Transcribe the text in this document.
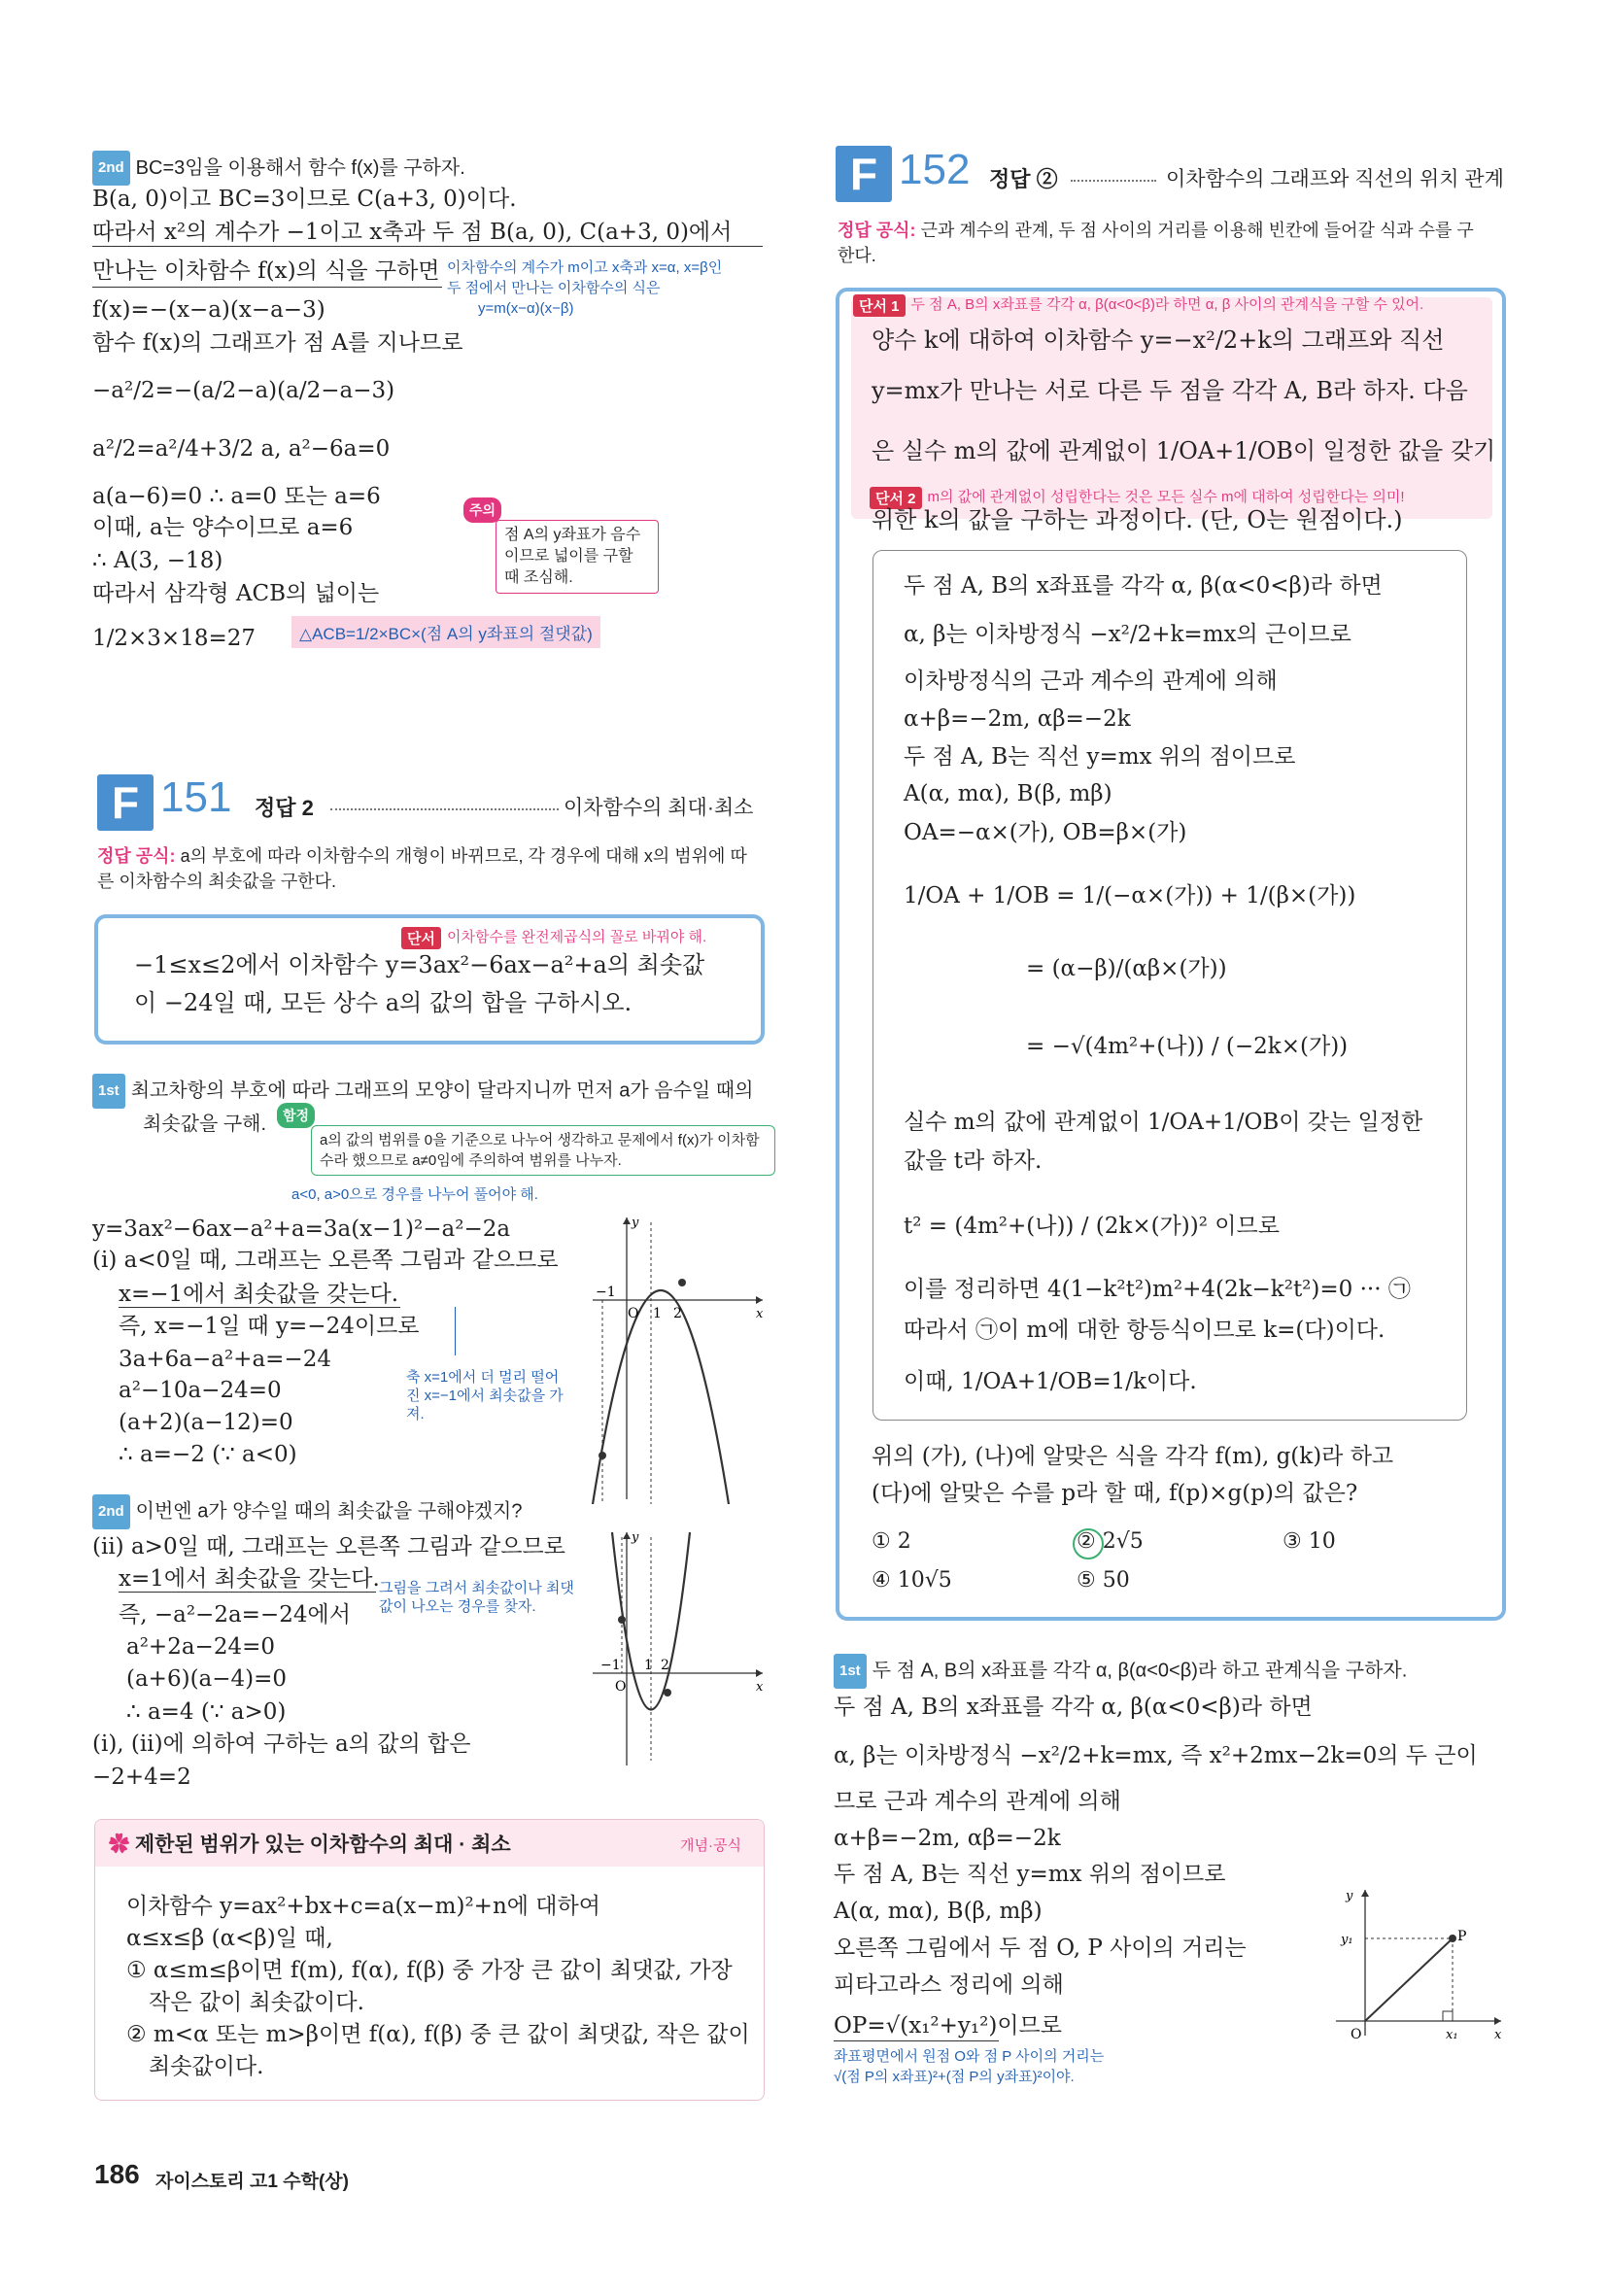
2nd BC=3임을 이용해서 함수 f(x)를 구하자.
B(a, 0)이고 BC=3이므로 C(a+3, 0)이다.
따라서 x²의 계수가 −1이고 x축과 두 점 B(a, 0), C(a+3, 0)에서
만나는 이차함수 f(x)의 식을 구하면 이차함수의 계수가 m이고 x축과 x=α, x=β인
두 점에서 만나는 이차함수의 식은
y=m(x−α)(x−β)
f(x)=−(x−a)(x−a−3)
함수 f(x)의 그래프가 점 A를 지나므로
−a²/2=−(a/2−a)(a/2−a−3)
a²/2=a²/4+3/2 a, a²−6a=0
a(a−6)=0 ∴ a=0 또는 a=6
이때, a는 양수이므로 a=6
∴ A(3, −18)
따라서 삼각형 ACB의 넓이는
1/2×3×18=27	△ACB=1/2×BC×(점 A의 y좌표의 절댓값)
주의
점 A의 y좌표가 음수이므로 넓이를 구할 때 조심해.
F 151 정답 2	이차함수의 최대·최소
정답 공식: a의 부호에 따라 이차함수의 개형이 바뀌므로, 각 경우에 대해 x의 범위에 따른 이차함수의 최솟값을 구한다.
단서 이차함수를 완전제곱식의 꼴로 바꿔야 해.
−1≤x≤2에서 이차함수 y=3ax²−6ax−a²+a의 최솟값
이 −24일 때, 모든 상수 a의 값의 합을 구하시오.
1st 최고차항의 부호에 따라 그래프의 모양이 달라지니까 먼저 a가 음수일 때의
최솟값을 구해.	함정
a의 값의 범위를 0을 기준으로 나누어 생각하고 문제에서 f(x)가 이차함수라 했으므로 a≠0임에 주의하여 범위를 나누자.
a<0, a>0으로 경우를 나누어 풀어야 해.
y=3ax²−6ax−a²+a=3a(x−1)²−a²−2a
(i) a<0일 때, 그래프는 오른쪽 그림과 같으므로
x=−1에서 최솟값을 갖는다.
즉, x=−1일 때 y=−24이므로
3a+6a−a²+a=−24
a²−10a−24=0
(a+2)(a−12)=0
∴ a=−2 (∵ a<0)
축 x=1에서 더 멀리 떨어진 x=−1에서 최솟값을 가져.
y
x
O
−1
1 2
2nd 이번엔 a가 양수일 때의 최솟값을 구해야겠지?
(ii) a>0일 때, 그래프는 오른쪽 그림과 같으므로
x=1에서 최솟값을 갖는다. 그림을 그려서 최솟값이나 최댓값이 나오는 경우를 찾자.
즉, −a²−2a=−24에서
a²+2a−24=0
(a+6)(a−4)=0
∴ a=4 (∵ a>0)
(i), (ii)에 의하여 구하는 a의 값의 합은
−2+4=2
y
x
O
−1 1 2
✿ 제한된 범위가 있는 이차함수의 최대 · 최소	개념·공식
이차함수 y=ax²+bx+c=a(x−m)²+n에 대하여
α≤x≤β (α<β)일 때,
① α≤m≤β이면 f(m), f(α), f(β) 중 가장 큰 값이 최댓값, 가장
작은 값이 최솟값이다.
② m<α 또는 m>β이면 f(α), f(β) 중 큰 값이 최댓값, 작은 값이
최솟값이다.
F 152 정답 ②	이차함수의 그래프와 직선의 위치 관계
정답 공식: 근과 계수의 관계, 두 점 사이의 거리를 이용해 빈칸에 들어갈 식과 수를 구한다.
단서 1 두 점 A, B의 x좌표를 각각 α, β(α<0<β)라 하면 α, β 사이의 관계식을 구할 수 있어.
양수 k에 대하여 이차함수 y=−x²/2+k의 그래프와 직선
y=mx가 만나는 서로 다른 두 점을 각각 A, B라 하자. 다음
은 실수 m의 값에 관계없이 1/OA+1/OB이 일정한 값을 갖기
단서 2 m의 값에 관계없이 성립한다는 것은 모든 실수 m에 대하여 성립한다는 의미!
위한 k의 값을 구하는 과정이다. (단, O는 원점이다.)
두 점 A, B의 x좌표를 각각 α, β(α<0<β)라 하면
α, β는 이차방정식 −x²/2+k=mx의 근이므로
이차방정식의 근과 계수의 관계에 의해
α+β=−2m, αβ=−2k
두 점 A, B는 직선 y=mx 위의 점이므로
A(α, mα), B(β, mβ)
OA=−α×(가), OB=β×(가)
1/OA + 1/OB = 1/(−α×(가)) + 1/(β×(가))
= (α−β)/(αβ×(가))
= −√(4m²+(나)) / (−2k×(가))
실수 m의 값에 관계없이 1/OA+1/OB이 갖는 일정한
값을 t라 하자.
t² = (4m²+(나)) / (2k×(가))² 이므로
이를 정리하면 4(1−k²t²)m²+4(2k−k²t²)=0 ··· ㉠
따라서 ㉠이 m에 대한 항등식이므로 k=(다)이다.
이때, 1/OA+1/OB=1/k이다.
위의 (가), (나)에 알맞은 식을 각각 f(m), g(k)라 하고
(다)에 알맞은 수를 p라 할 때, f(p)×g(p)의 값은?
① 2	② 2√5	③ 10
④ 10√5	⑤ 50
1st 두 점 A, B의 x좌표를 각각 α, β(α<0<β)라 하고 관계식을 구하자.
두 점 A, B의 x좌표를 각각 α, β(α<0<β)라 하면
α, β는 이차방정식 −x²/2+k=mx, 즉 x²+2mx−2k=0의 두 근이
므로 근과 계수의 관계에 의해
α+β=−2m, αβ=−2k
두 점 A, B는 직선 y=mx 위의 점이므로
A(α, mα), B(β, mβ)
오른쪽 그림에서 두 점 O, P 사이의 거리는
피타고라스 정리에 의해
OP=√(x₁²+y₁²)이므로
좌표평면에서 원점 O와 점 P 사이의 거리는
√(점 P의 x좌표)²+(점 P의 y좌표)²이야.
y
x
O
P
y₁
x₁
186 자이스토리 고1 수학(상)
